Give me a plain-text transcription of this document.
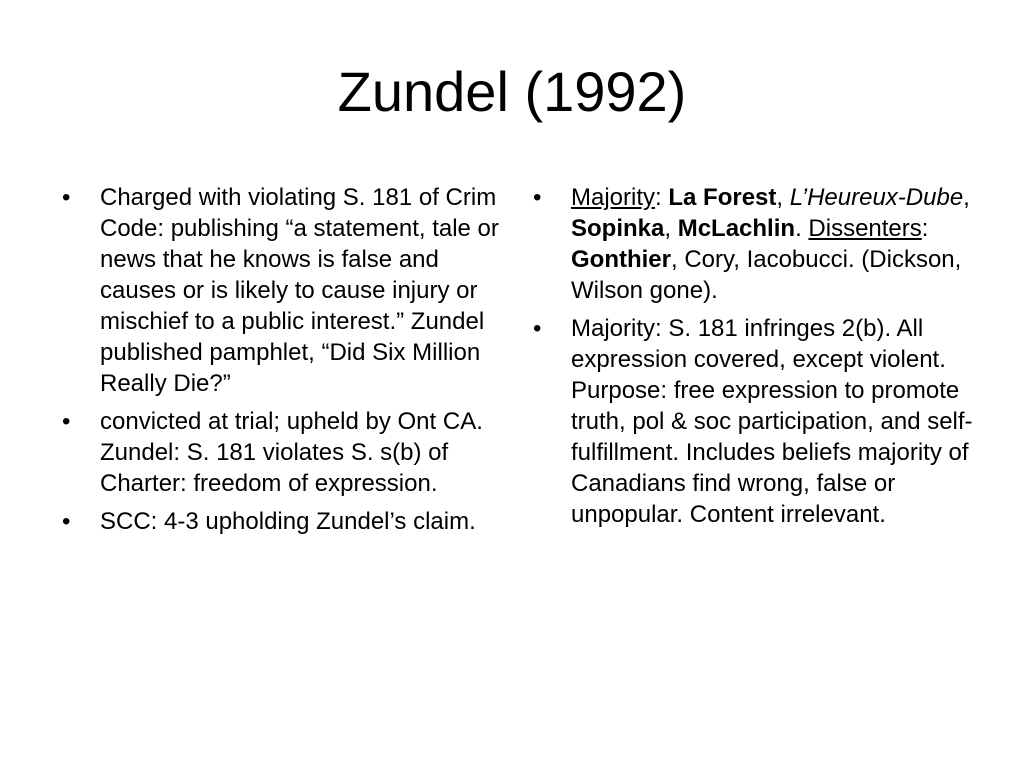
Zundel (1992)
• Charged with violating S. 181 of Crim Code: publishing “a statement, tale or news that he knows is false and causes or is likely to cause injury or mischief to a public interest.” Zundel published pamphlet, “Did Six Million Really Die?”
• convicted at trial; upheld by Ont CA. Zundel: S. 181 violates S. s(b) of Charter: freedom of expression.
• SCC: 4-3 upholding Zundel’s claim.
• Majority: La Forest, L’Heureux-Dube, Sopinka, McLachlin. Dissenters: Gonthier, Cory, Iacobucci. (Dickson, Wilson gone).
• Majority: S. 181 infringes 2(b). All expression covered, except violent. Purpose: free expression to promote truth, pol & soc participation, and self-fulfillment. Includes beliefs majority of Canadians find wrong, false or unpopular. Content irrelevant.
